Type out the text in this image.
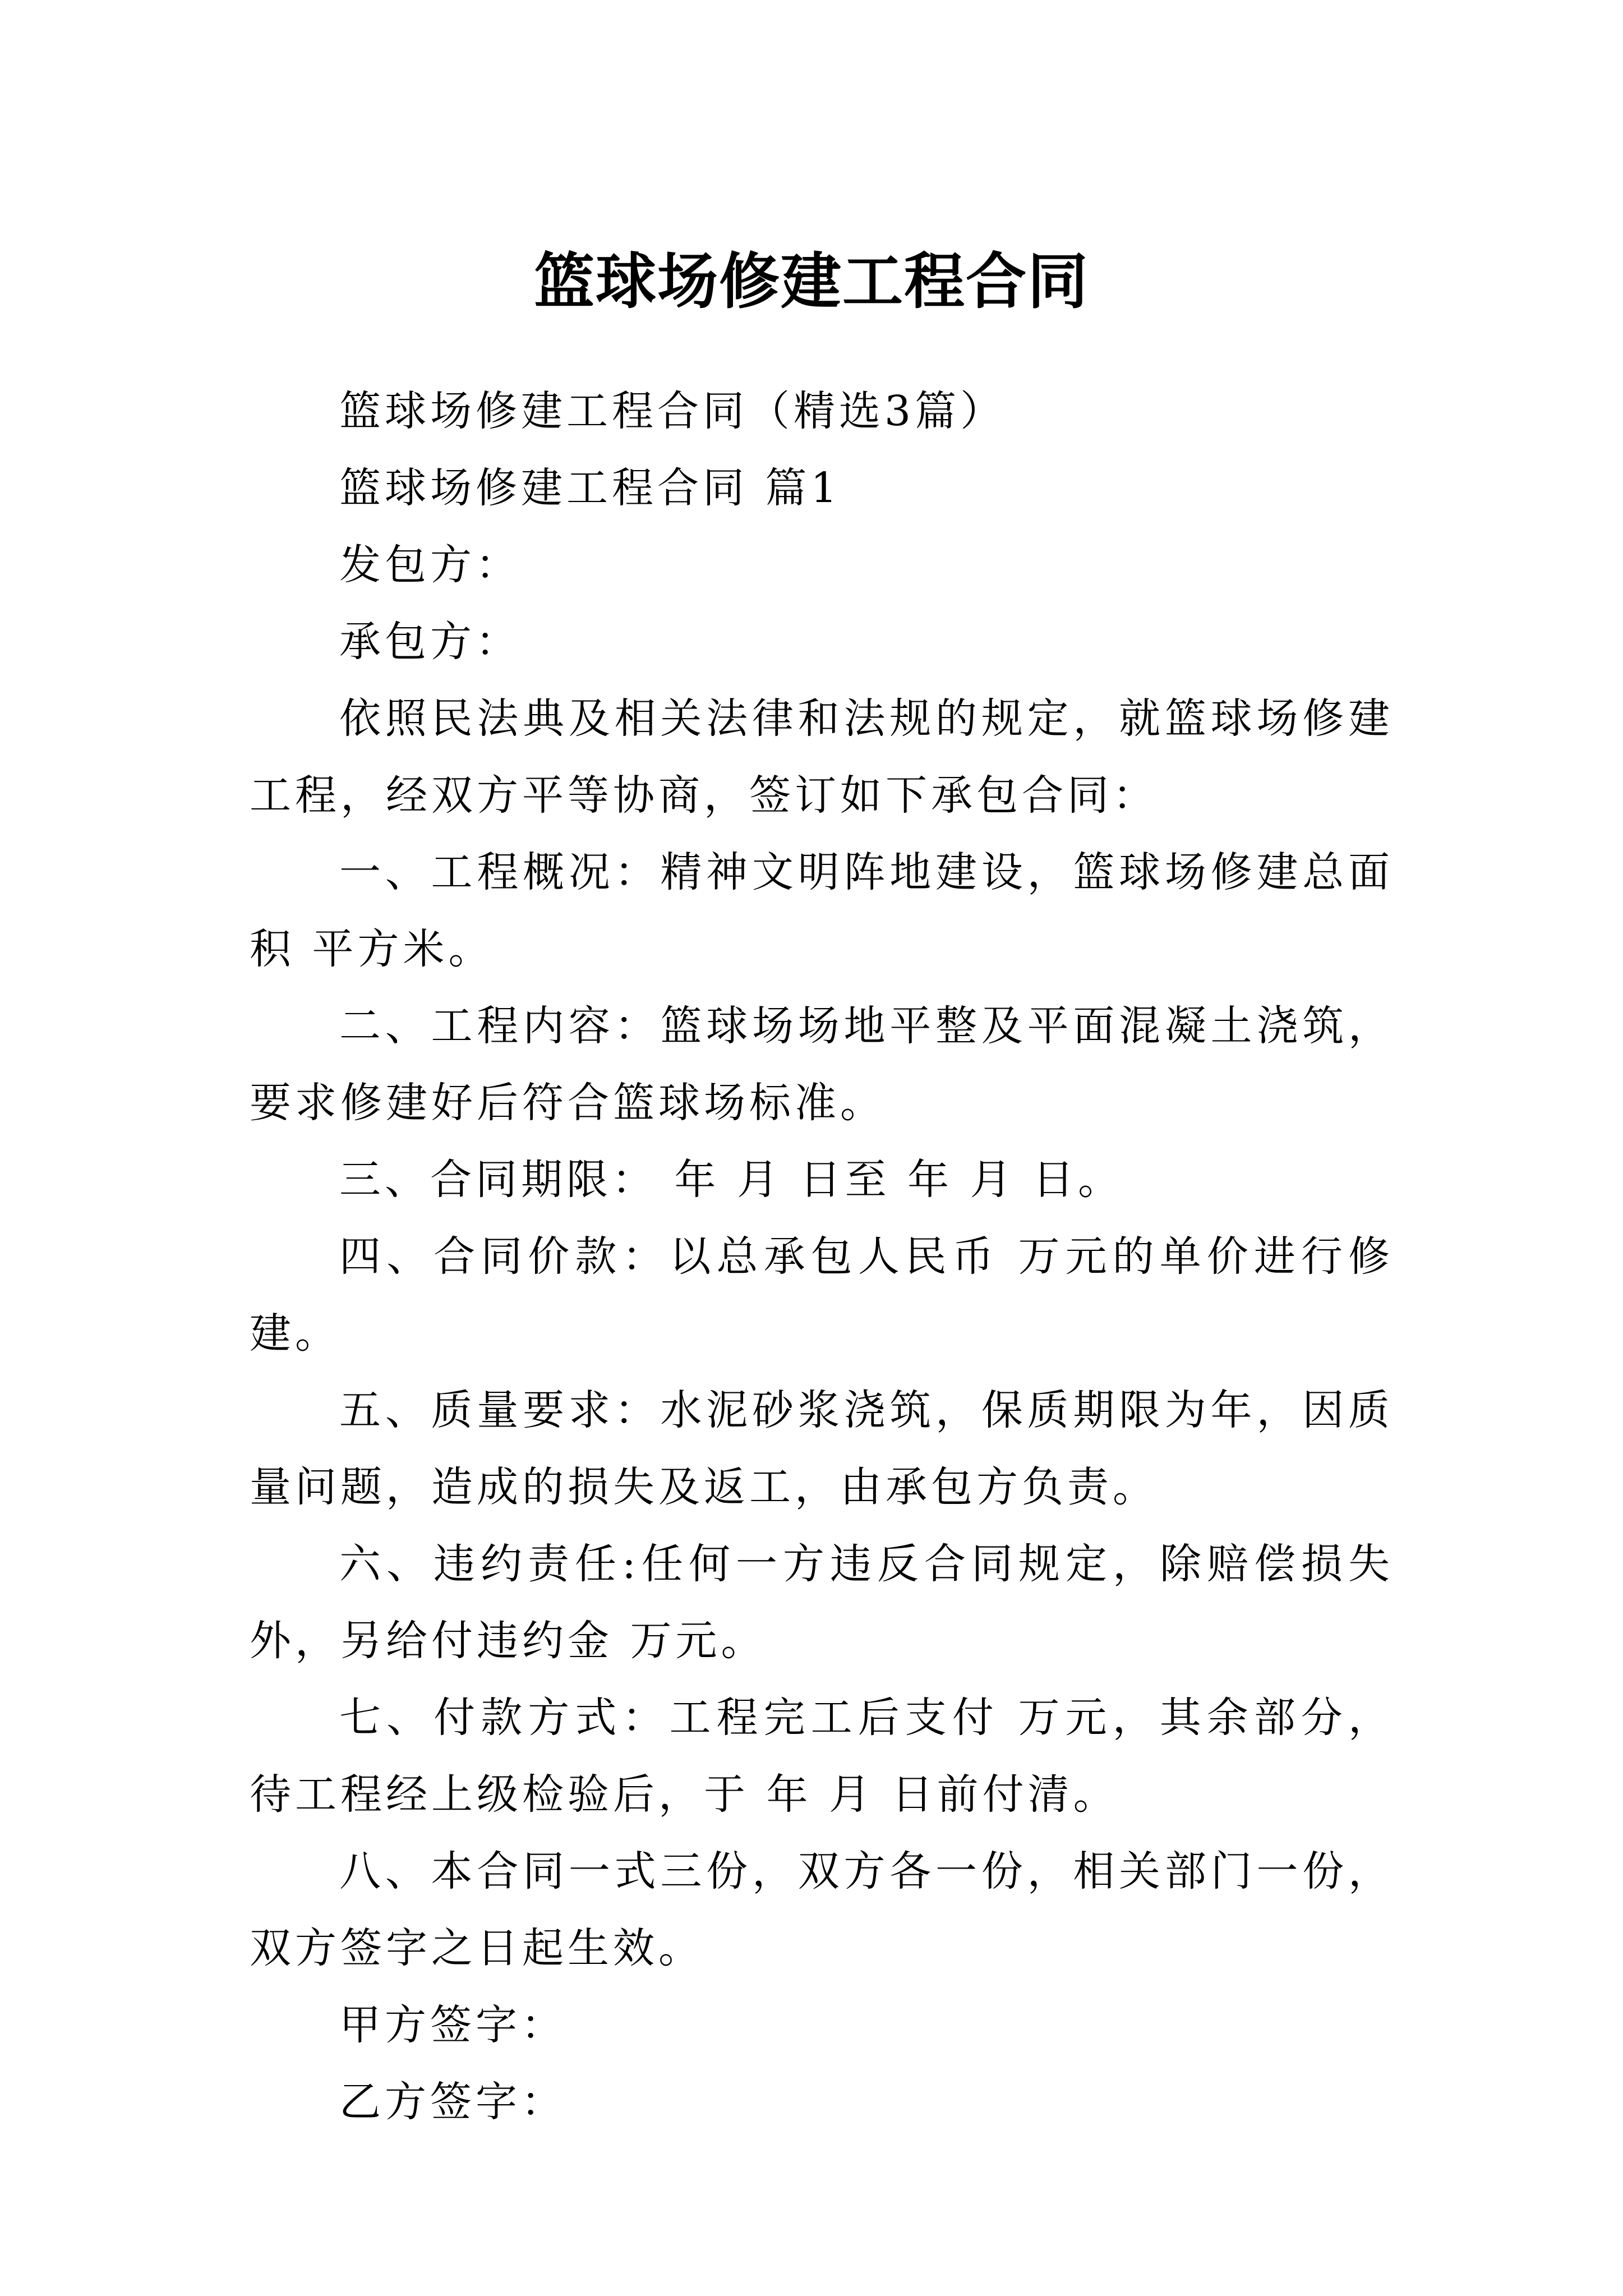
篮球场修建工程合同

篮球场修建工程合同（精选3篇）

篮球场修建工程合同 篇1

发包方：

承包方：

依照民法典及相关法律和法规的规定，就篮球场修建工程，经双方平等协商，签订如下承包合同：

一、工程概况：精神文明阵地建设，篮球场修建总面积 平方米。

二、工程内容：篮球场场地平整及平面混凝土浇筑，要求修建好后符合篮球场标准。

三、合同期限： 年 月 日至 年 月 日。

四、合同价款：以总承包人民币 万元的单价进行修建。

五、质量要求：水泥砂浆浇筑，保质期限为年，因质量问题，造成的损失及返工，由承包方负责。

六、违约责任:任何一方违反合同规定，除赔偿损失外，另给付违约金 万元。

七、付款方式：工程完工后支付 万元，其余部分，待工程经上级检验后，于 年 月 日前付清。

八、本合同一式三份，双方各一份，相关部门一份，双方签字之日起生效。

甲方签字：

乙方签字：
